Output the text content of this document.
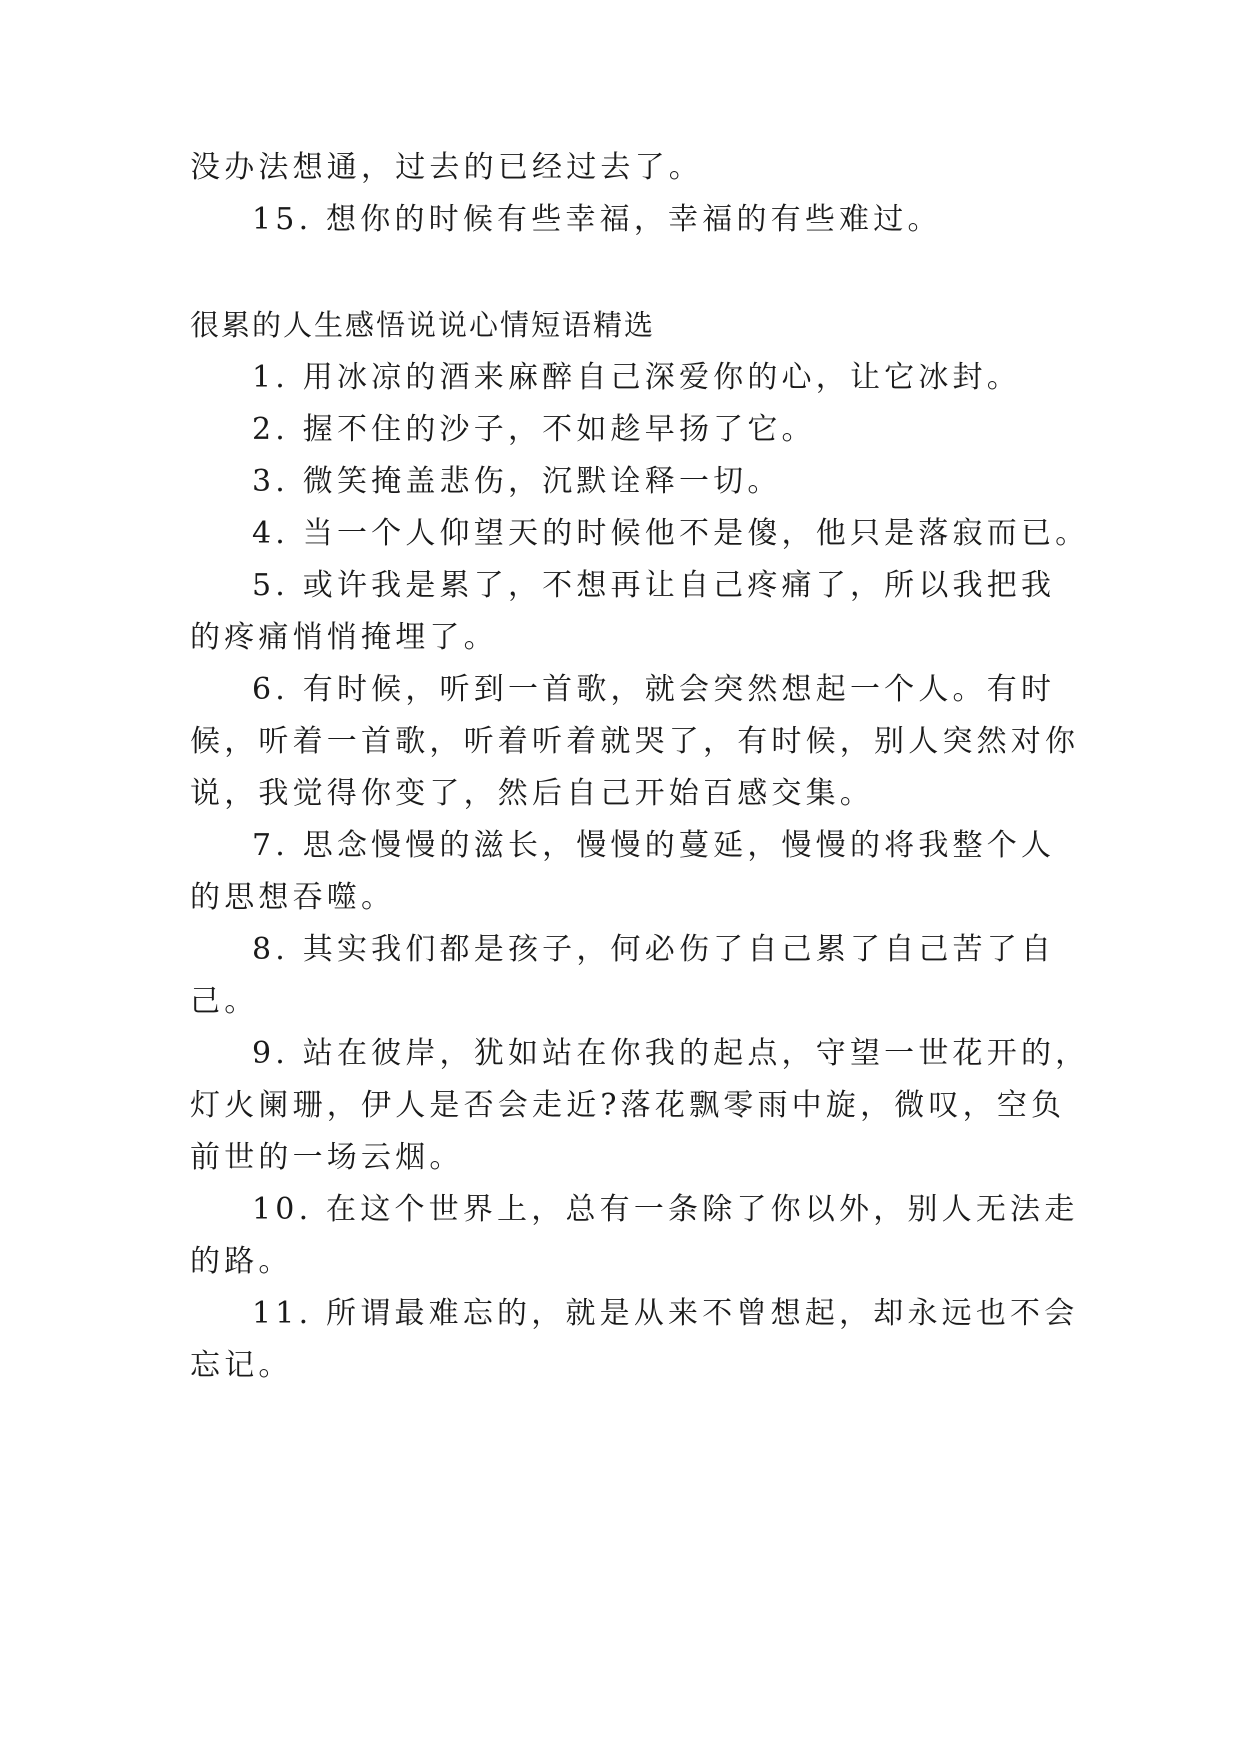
没办法想通，过去的已经过去了。
15. 想你的时候有些幸福，幸福的有些难过。
很累的人生感悟说说心情短语精选
1. 用冰凉的酒来麻醉自己深爱你的心，让它冰封。
2. 握不住的沙子，不如趁早扬了它。
3. 微笑掩盖悲伤，沉默诠释一切。
4. 当一个人仰望天的时候他不是傻，他只是落寂而已。
5. 或许我是累了，不想再让自己疼痛了，所以我把我
的疼痛悄悄掩埋了。
6. 有时候，听到一首歌，就会突然想起一个人。有时
候，听着一首歌，听着听着就哭了，有时候，别人突然对你
说，我觉得你变了，然后自己开始百感交集。
7. 思念慢慢的滋长，慢慢的蔓延，慢慢的将我整个人
的思想吞噬。
8. 其实我们都是孩子，何必伤了自己累了自己苦了自
己。
9. 站在彼岸，犹如站在你我的起点，守望一世花开的，
灯火阑珊，伊人是否会走近?落花飘零雨中旋，微叹，空负
前世的一场云烟。
10. 在这个世界上，总有一条除了你以外，别人无法走
的路。
11. 所谓最难忘的，就是从来不曾想起，却永远也不会
忘记。
